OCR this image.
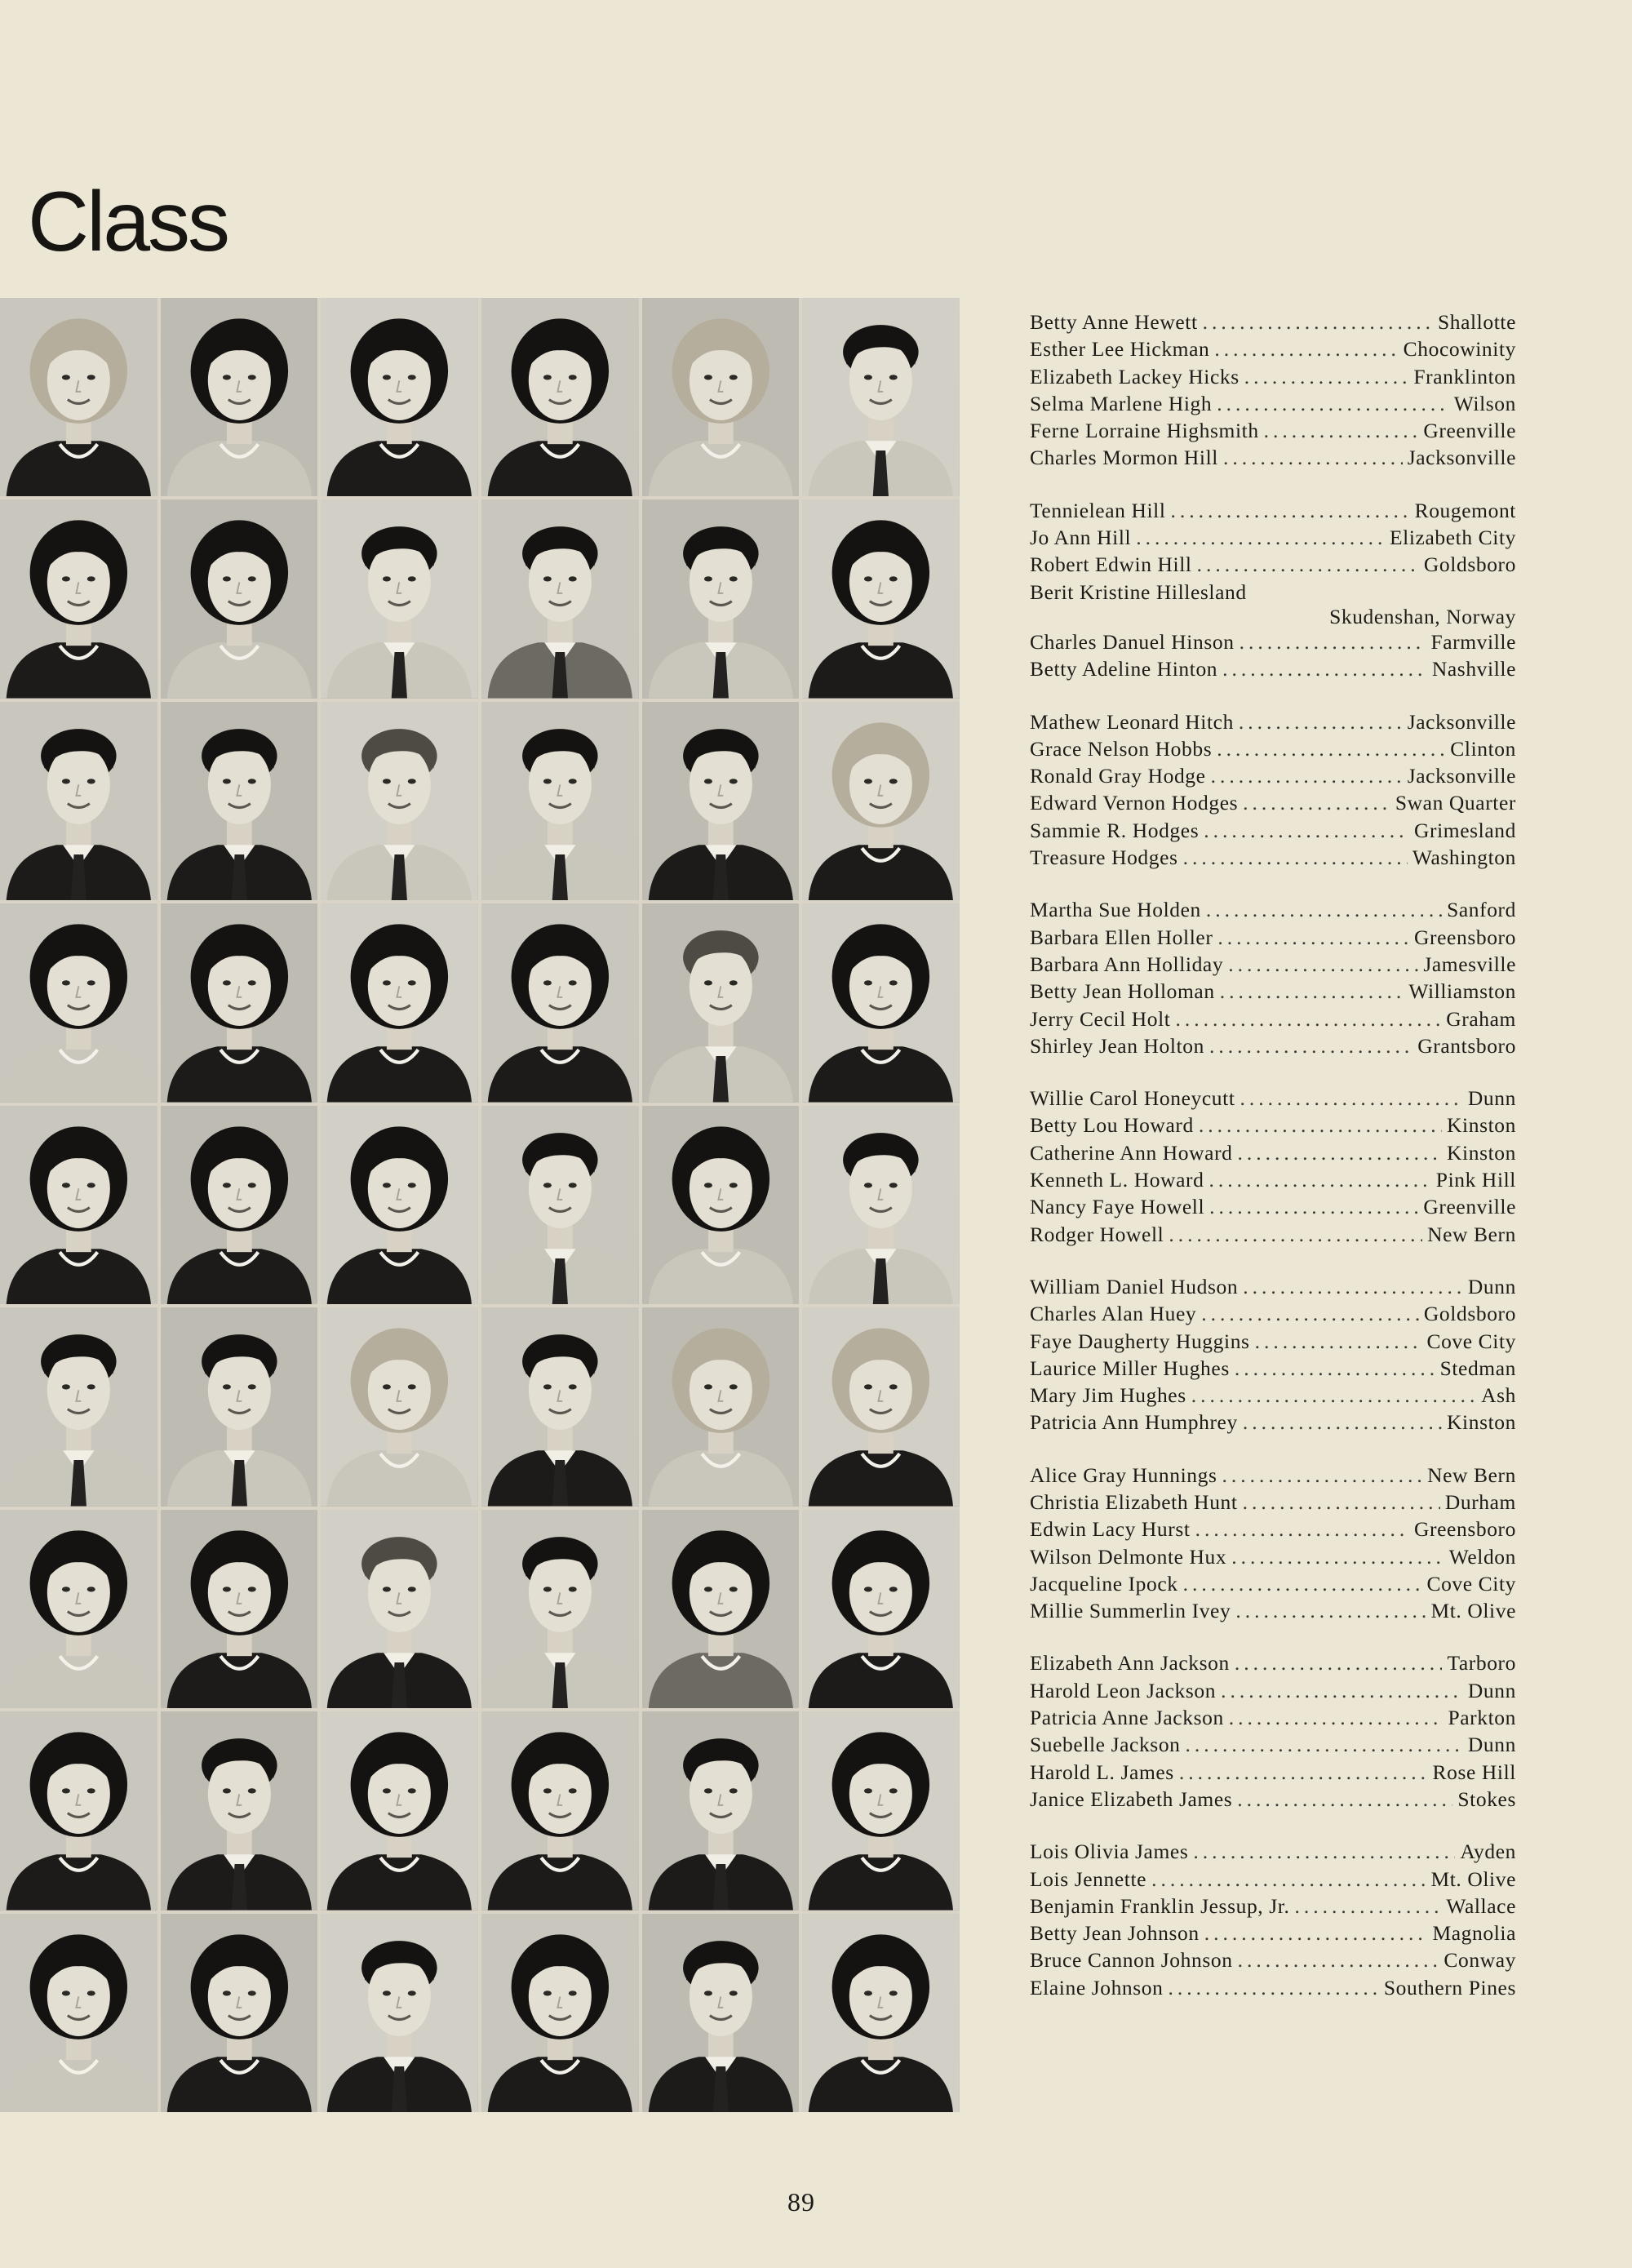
Class
Betty Anne Hewett .....	Shallotte
Esther Lee Hickman .....	Chocowinity
Elizabeth Lackey Hicks .....	Franklinton
Selma Marlene High .....	Wilson
Ferne Lorraine Highsmith .....	Greenville
Charles Mormon Hill .....	Jacksonville
Tennielean Hill .....	Rougemont
Jo Ann Hill .....	Elizabeth City
Robert Edwin Hill .....	Goldsboro
Berit Kristine Hillesland
Skudenshan, Norway
Charles Danuel Hinson .....	Farmville
Betty Adeline Hinton .....	Nashville
Mathew Leonard Hitch .....	Jacksonville
Grace Nelson Hobbs .....	Clinton
Ronald Gray Hodge .....	Jacksonville
Edward Vernon Hodges .....	Swan Quarter
Sammie R. Hodges .....	Grimesland
Treasure Hodges .....	Washington
Martha Sue Holden .....	Sanford
Barbara Ellen Holler .....	Greensboro
Barbara Ann Holliday .....	Jamesville
Betty Jean Holloman .....	Williamston
Jerry Cecil Holt .....	Graham
Shirley Jean Holton .....	Grantsboro
Willie Carol Honeycutt .....	Dunn
Betty Lou Howard .....	Kinston
Catherine Ann Howard .....	Kinston
Kenneth L. Howard .....	Pink Hill
Nancy Faye Howell .....	Greenville
Rodger Howell .....	New Bern
William Daniel Hudson .....	Dunn
Charles Alan Huey .....	Goldsboro
Faye Daugherty Huggins .....	Cove City
Laurice Miller Hughes .....	Stedman
Mary Jim Hughes .....	Ash
Patricia Ann Humphrey .....	Kinston
Alice Gray Hunnings .....	New Bern
Christia Elizabeth Hunt .....	Durham
Edwin Lacy Hurst .....	Greensboro
Wilson Delmonte Hux .....	Weldon
Jacqueline Ipock .....	Cove City
Millie Summerlin Ivey .....	Mt. Olive
Elizabeth Ann Jackson .....	Tarboro
Harold Leon Jackson .....	Dunn
Patricia Anne Jackson .....	Parkton
Suebelle Jackson .....	Dunn
Harold L. James .....	Rose Hill
Janice Elizabeth James .....	Stokes
Lois Olivia James .....	Ayden
Lois Jennette .....	Mt. Olive
Benjamin Franklin Jessup, Jr. .....	Wallace
Betty Jean Johnson .....	Magnolia
Bruce Cannon Johnson .....	Conway
Elaine Johnson .....	Southern Pines
89
